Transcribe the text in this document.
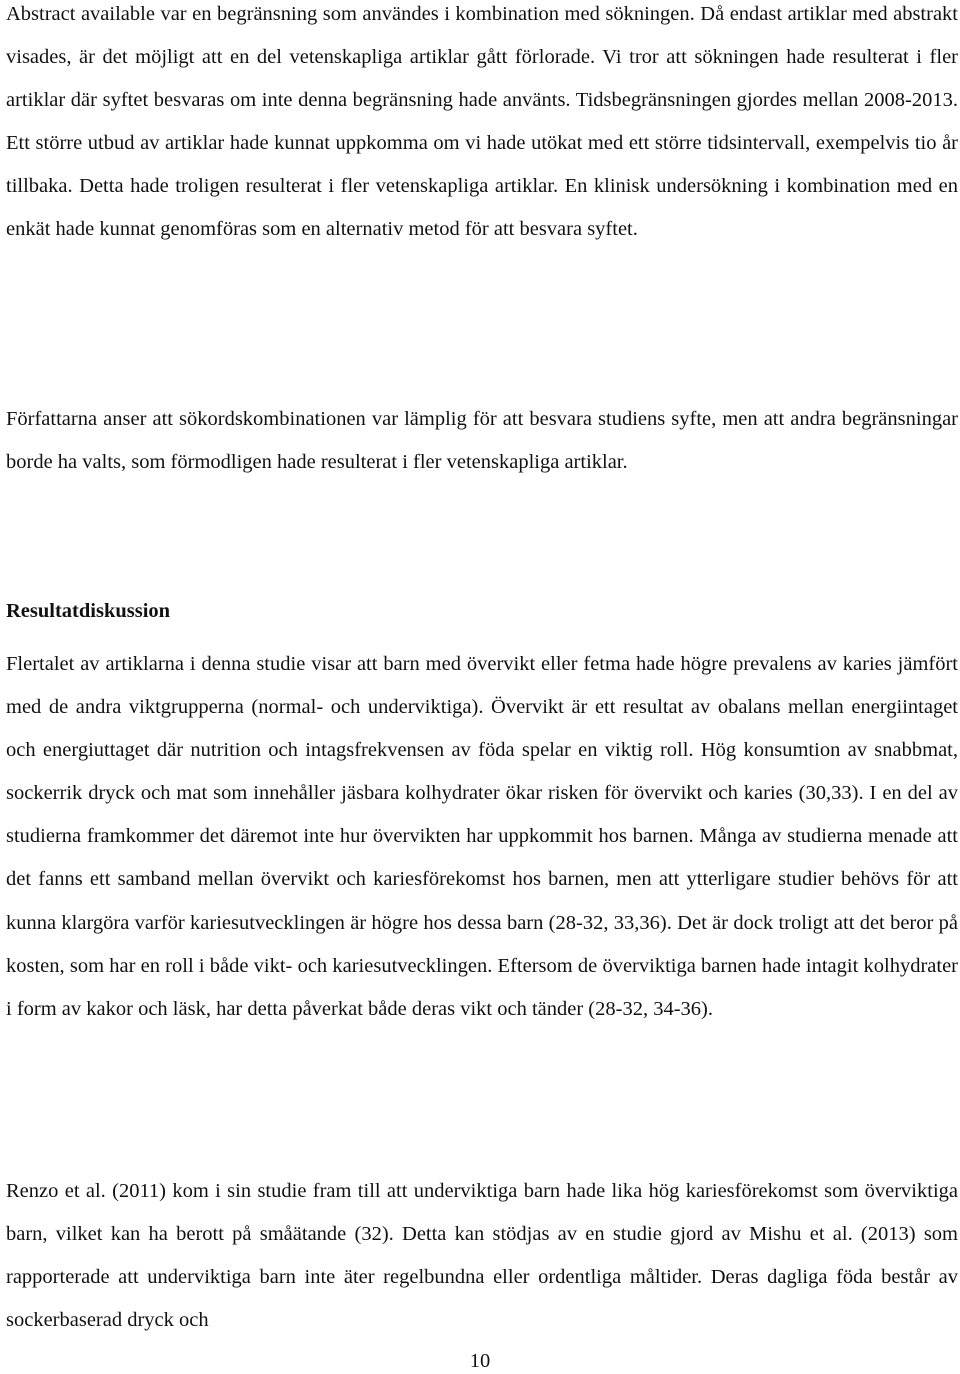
Abstract available var en begränsning som användes i kombination med sökningen. Då endast artiklar med abstrakt visades, är det möjligt att en del vetenskapliga artiklar gått förlorade. Vi tror att sökningen hade resulterat i fler artiklar där syftet besvaras om inte denna begränsning hade använts. Tidsbegränsningen gjordes mellan 2008-2013. Ett större utbud av artiklar hade kunnat uppkomma om vi hade utökat med ett större tidsintervall, exempelvis tio år tillbaka. Detta hade troligen resulterat i fler vetenskapliga artiklar. En klinisk undersökning i kombination med en enkät hade kunnat genomföras som en alternativ metod för att besvara syftet.

Författarna anser att sökordskombinationen var lämplig för att besvara studiens syfte, men att andra begränsningar borde ha valts, som förmodligen hade resulterat i fler vetenskapliga artiklar.

Resultatdiskussion

Flertalet av artiklarna i denna studie visar att barn med övervikt eller fetma hade högre prevalens av karies jämfört med de andra viktgrupperna (normal- och underviktiga). Övervikt är ett resultat av obalans mellan energiintaget och energiuttaget där nutrition och intagsfrekvensen av föda spelar en viktig roll. Hög konsumtion av snabbmat, sockerrik dryck och mat som innehåller jäsbara kolhydrater ökar risken för övervikt och karies (30,33). I en del av studierna framkommer det däremot inte hur övervikten har uppkommit hos barnen. Många av studierna menade att det fanns ett samband mellan övervikt och kariesförekomst hos barnen, men att ytterligare studier behövs för att kunna klargöra varför kariesutvecklingen är högre hos dessa barn (28-32, 33,36). Det är dock troligt att det beror på kosten, som har en roll i både vikt- och kariesutvecklingen. Eftersom de överviktiga barnen hade intagit kolhydrater i form av kakor och läsk, har detta påverkat både deras vikt och tänder (28-32, 34-36).

Renzo et al. (2011) kom i sin studie fram till att underviktiga barn hade lika hög kariesförekomst som överviktiga barn, vilket kan ha berott på småätande (32). Detta kan stödjas av en studie gjord av Mishu et al. (2013) som rapporterade att underviktiga barn inte äter regelbundna eller ordentliga måltider. Deras dagliga föda består av sockerbaserad dryck och

10
